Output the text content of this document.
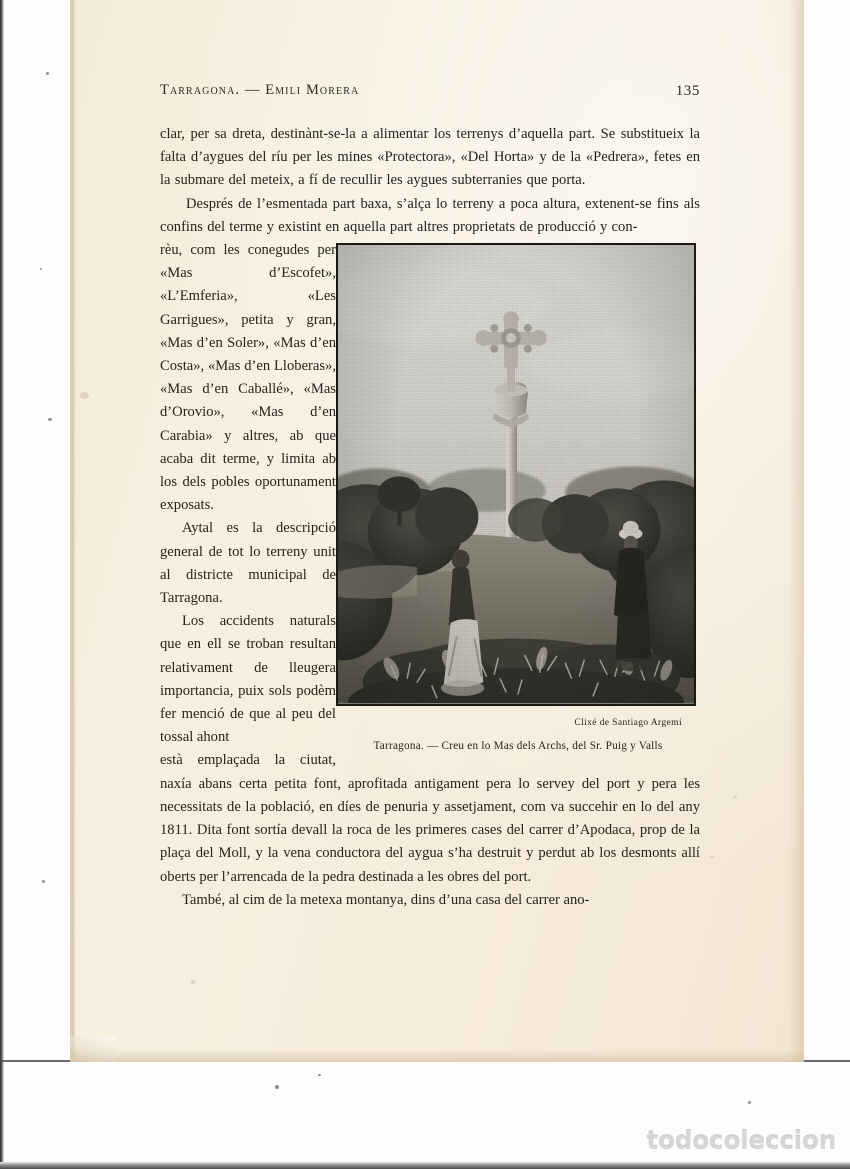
Tarragona. — Emili Morera	135

clar, per sa dreta, destinànt-se-la a alimentar los terrenys d’aquella part. Se substitueix la falta d’aygues del ríu per les mines «Protectora», «Del Horta» y de la «Pedrera», fetes en la submare del meteix, a fí de recullir les aygues subterranies que porta.

Després de l’esmentada part baxa, s’alça lo terreny a poca altura, extenent-se fins als confins del terme y existint en aquella part altres proprietats de producció y con-

Clixé de Santiago Argemí
Tarragona. — Creu en lo Mas dels Archs, del Sr. Puig y Valls

rèu, com les conegudes per «Mas d’Escofet», «L’Emferia», «Les Garrigues», petita y gran, «Mas d’en Soler», «Mas d’en Costa», «Mas d’en Lloberas», «Mas d’en Caballé», «Mas d’Orovio», «Mas d’en Carabia» y altres, ab que acaba dit terme, y limita ab los dels pobles oportunament exposats.

Aytal es la descripció general de tot lo terreny unit al districte municipal de Tarragona.

Los accidents naturals que en ell se troban resultan relativament de lleugera importancia, puix sols podèm fer menció de que al peu del tossal ahont

està emplaçada la ciutat, naxía abans certa petita font, aprofitada antigament pera lo servey del port y pera les necessitats de la població, en díes de penuria y assetjament, com va succehir en lo del any 1811. Dita font sortía devall la roca de les primeres cases del carrer d’Apodaca, prop de la plaça del Moll, y la vena conductora del aygua s’ha destruit y perdut ab los desmonts allí oberts per l’arrencada de la pedra destinada a les obres del port.

També, al cim de la metexa montanya, dins d’una casa del carrer ano-

todocoleccion
